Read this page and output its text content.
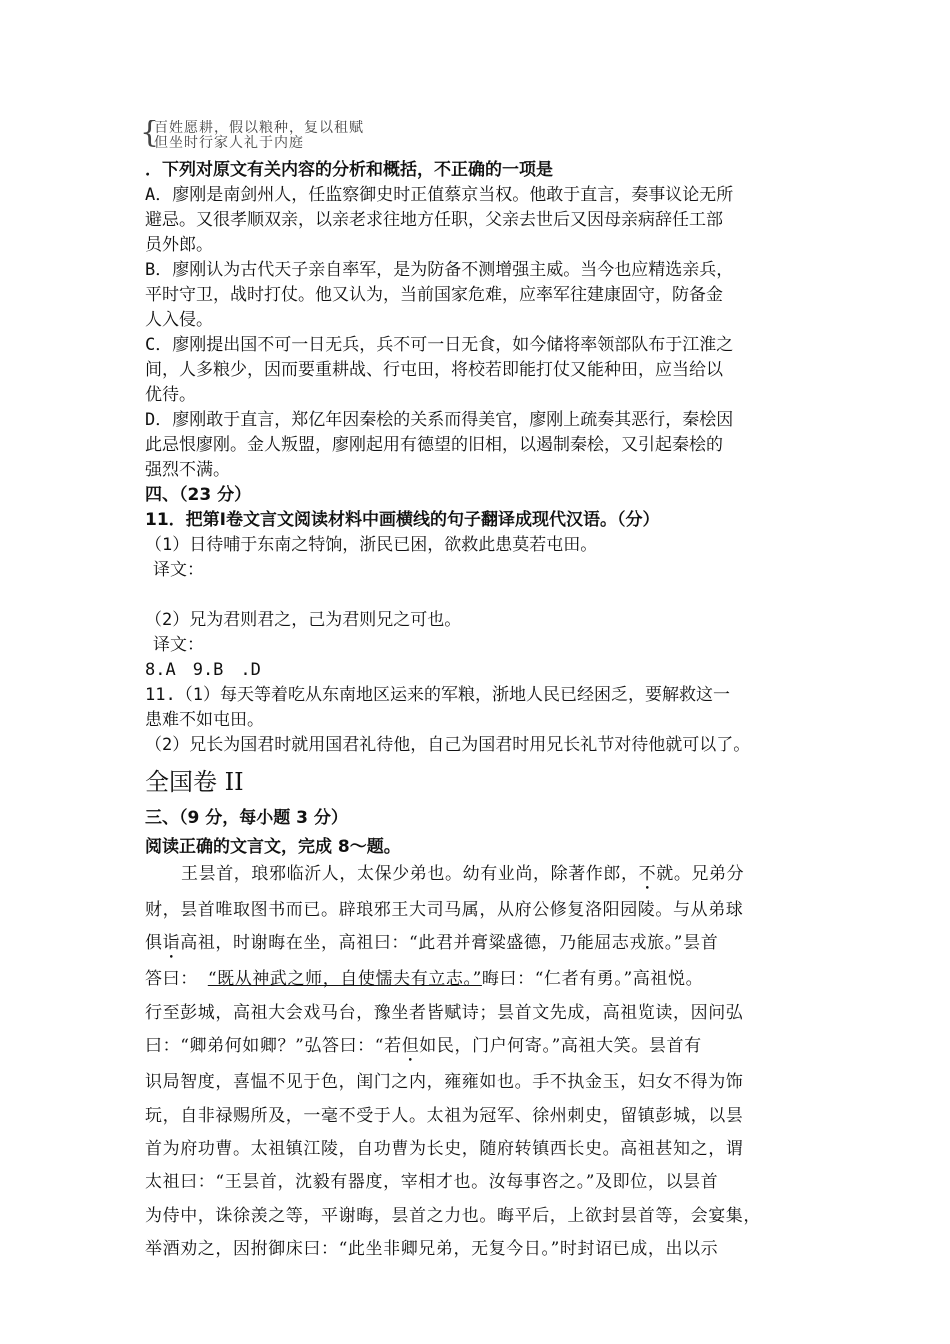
{
百姓愿耕，假以粮种，复以租赋
但坐时行家人礼于内庭
．下列对原文有关内容的分析和概括，不正确的一项是
A．廖刚是南剑州人，任监察御史时正值蔡京当权。他敢于直言，奏事议论无所
避忌。又很孝顺双亲，以亲老求往地方任职，父亲去世后又因母亲病辞任工部
员外郎。
B．廖刚认为古代天子亲自率军，是为防备不测增强主威。当今也应精选亲兵，
平时守卫，战时打仗。他又认为，当前国家危难，应率军往建康固守，防备金
人入侵。
C．廖刚提出国不可一日无兵，兵不可一日无食，如今储将率领部队布于江淮之
间，人多粮少，因而要重耕战、行屯田，将校若即能打仗又能种田，应当给以
优待。
D．廖刚敢于直言，郑亿年因秦桧的关系而得美官，廖刚上疏奏其恶行，秦桧因
此忌恨廖刚。金人叛盟，廖刚起用有德望的旧相，以遏制秦桧，又引起秦桧的
强烈不满。
四、（23 分）
11．把第Ⅰ卷文言文阅读材料中画横线的句子翻译成现代汉语。（分）
（1）日待哺于东南之特饷，浙民已困，欲救此患莫若屯田。
译文：

（2）兄为君则君之，己为君则兄之可也。
译文：
8.A　9.B　.D
11.（1）每天等着吃从东南地区运来的军粮，浙地人民已经困乏，要解救这一
患难不如屯田。
（2）兄长为国君时就用国君礼待他，自己为国君时用兄长礼节对待他就可以了。
全国卷 II
三、（9 分，每小题 3 分）
阅读正确的文言文，完成 8～题。
王昙首，琅邪临沂人，太保少弟也。幼有业尚，除著作郎，不就。兄弟分
财，昙首唯取图书而已。辟琅邪王大司马属，从府公修复洛阳园陵。与从弟球
俱诣高祖，时谢晦在坐，高祖曰：“此君并膏粱盛德，乃能屈志戎旅。”昙首
答曰： “既从神武之师，自使懦夫有立志。”晦曰：“仁者有勇。”高祖悦。
行至彭城，高祖大会戏马台，豫坐者皆赋诗；昙首文先成，高祖览读，因问弘
曰：“卿弟何如卿？”弘答曰：“若但如民，门户何寄。”高祖大笑。昙首有
识局智度，喜愠不见于色，闺门之内，雍雍如也。手不执金玉，妇女不得为饰
玩，自非禄赐所及，一毫不受于人。太祖为冠军、徐州刺史，留镇彭城，以昙
首为府功曹。太祖镇江陵，自功曹为长史，随府转镇西长史。高祖甚知之，谓
太祖曰：“王昙首，沈毅有器度，宰相才也。汝每事咨之。”及即位，以昙首
为侍中，诛徐羡之等，平谢晦，昙首之力也。晦平后，上欲封昙首等，会宴集，
举酒劝之，因拊御床曰：“此坐非卿兄弟，无复今日。”时封诏已成，出以示
